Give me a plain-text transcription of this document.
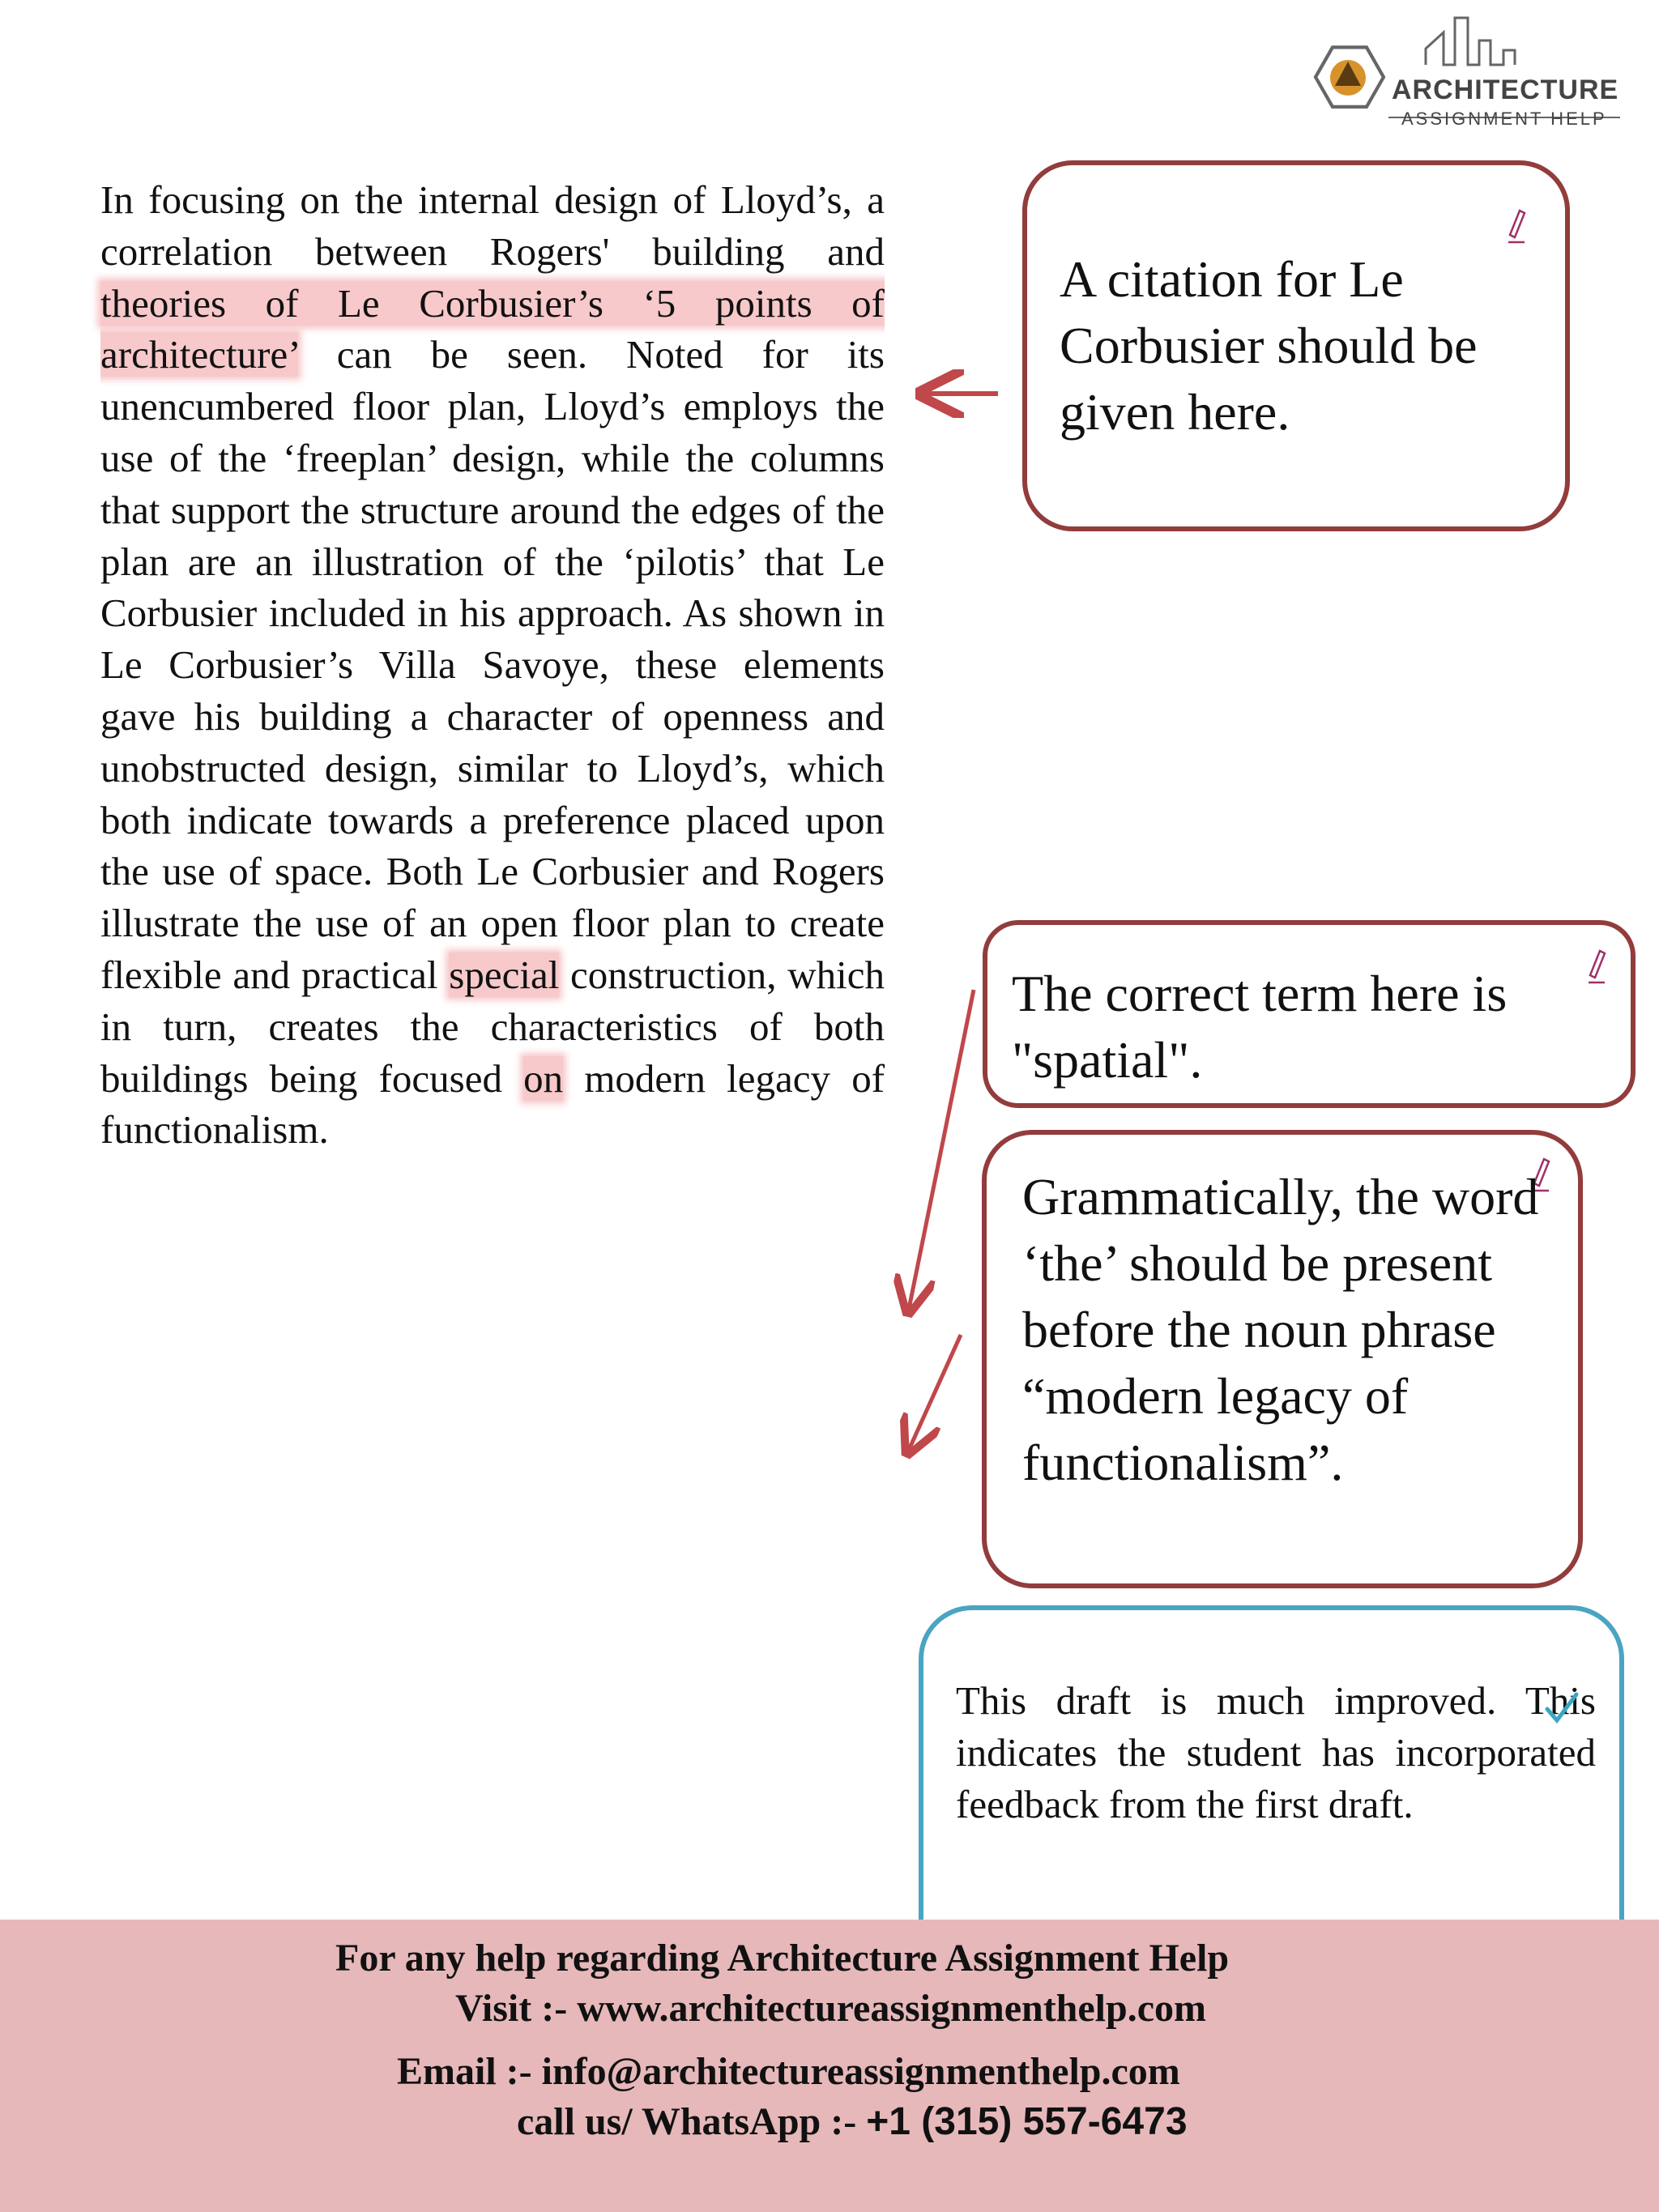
ARCHITECTURE
ASSIGNMENT HELP
In focusing on the internal design of Lloyd’s, a correlation between Rogers' building and theories of Le Corbusier’s ‘5 points of architecture’ can be seen. Noted for its unencumbered floor plan, Lloyd’s employs the use of the ‘freeplan’ design, while the columns that support the structure around the edges of the plan are an illustration of the ‘pilotis’ that Le Corbusier included in his approach. As shown in Le Corbusier’s Villa Savoye, these elements gave his building a character of openness and unobstructed design, similar to Lloyd’s, which both indicate towards a preference placed upon the use of space. Both Le Corbusier and Rogers illustrate the use of an open floor plan to create flexible and practical special construction, which in turn, creates the characteristics of both buildings being focused on modern legacy of functionalism.
A citation for Le Corbusier should be given here.
The correct term here is "spatial".
Grammatically, the word ‘the’ should be present before the noun phrase “modern legacy of functionalism”.
This draft is much improved. This indicates the student has incorporated feedback from the first draft.
For any help regarding Architecture Assignment Help
Visit :- www.architectureassignmenthelp.com
Email :- info@architectureassignmenthelp.com
call us/ WhatsApp :- +1 (315) 557-6473
